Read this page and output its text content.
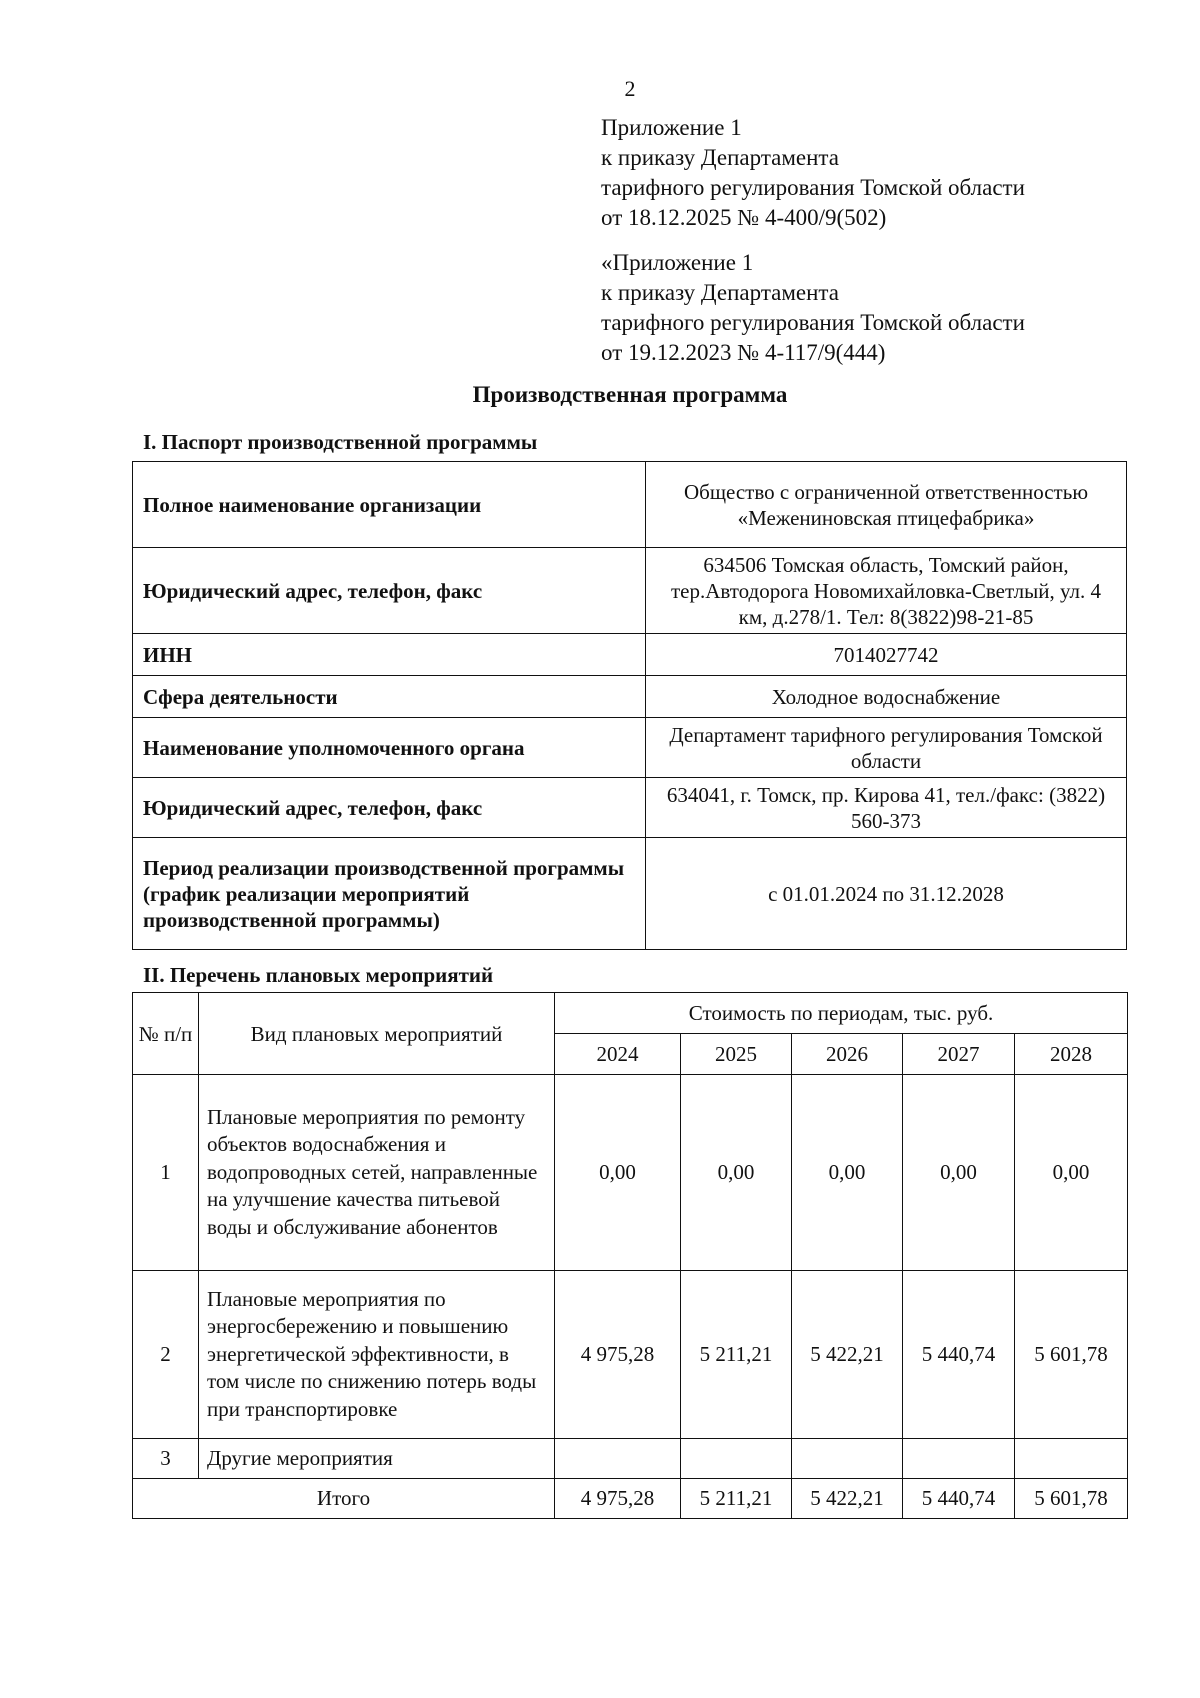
2
Приложение 1
к приказу Департамента
тарифного регулирования Томской области
от 18.12.2025 № 4-400/9(502)
«Приложение 1
к приказу Департамента
тарифного регулирования Томской области
от 19.12.2023 № 4-117/9(444)
Производственная программа
I. Паспорт производственной программы
Полное наименование организации	Общество с ограниченной ответственностью «Межениновская птицефабрика»
Юридический адрес, телефон, факс	634506 Томская область, Томский район, тер.Автодорога Новомихайловка-Светлый, ул. 4 км, д.278/1. Тел: 8(3822)98-21-85
ИНН	7014027742
Сфера деятельности	Холодное водоснабжение
Наименование уполномоченного органа	Департамент тарифного регулирования Томской области
Юридический адрес, телефон, факс	634041, г. Томск, пр. Кирова 41, тел./факс: (3822) 560-373
Период реализации производственной программы (график реализации мероприятий производственной программы)	с 01.01.2024 по 31.12.2028
II. Перечень плановых мероприятий
№ п/п	Вид плановых мероприятий	Стоимость по периодам, тыс. руб.				
		2024	2025	2026	2027	2028
1	Плановые мероприятия по ремонту объектов водоснабжения и водопроводных сетей, направленные на улучшение качества питьевой воды и обслуживание абонентов	0,00	0,00	0,00	0,00	0,00
2	Плановые мероприятия по энергосбережению и повышению энергетической эффективности, в том числе по снижению потерь воды при транспортировке	4 975,28	5 211,21	5 422,21	5 440,74	5 601,78
3	Другие мероприятия					
Итого		4 975,28	5 211,21	5 422,21	5 440,74	5 601,78
